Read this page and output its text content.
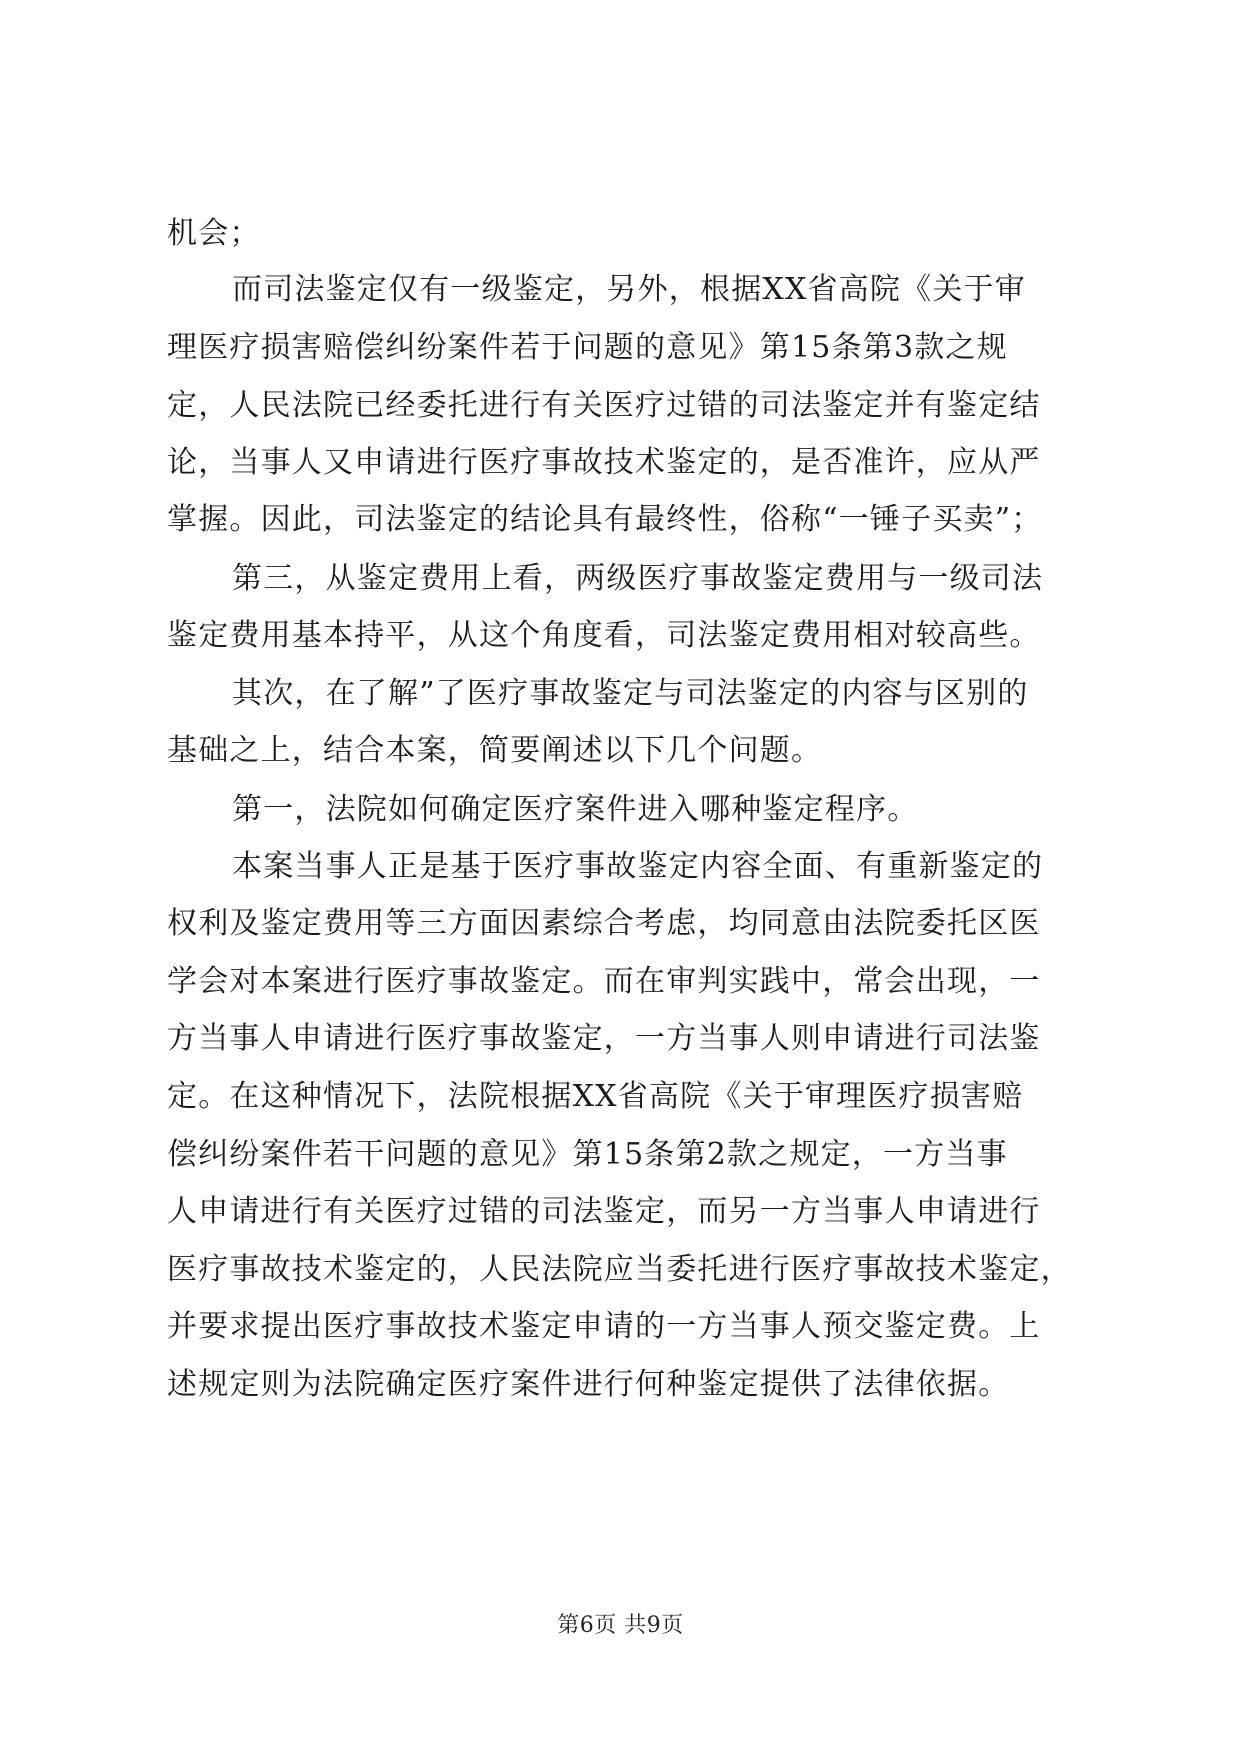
机会；
而司法鉴定仅有一级鉴定，另外，根据XX省高院《关于审
理医疗损害赔偿纠纷案件若于问题的意见》第15条第3款之规
定，人民法院已经委托进行有关医疗过错的司法鉴定并有鉴定结
论，当事人又申请进行医疗事故技术鉴定的，是否准许，应从严
掌握。因此，司法鉴定的结论具有最终性，俗称“一锤子买卖”；
第三，从鉴定费用上看，两级医疗事故鉴定费用与一级司法
鉴定费用基本持平，从这个角度看，司法鉴定费用相对较高些。
其次，在了解”了医疗事故鉴定与司法鉴定的内容与区别的
基础之上，结合本案，简要阐述以下几个问题。
第一，法院如何确定医疗案件进入哪种鉴定程序。
本案当事人正是基于医疗事故鉴定内容全面、有重新鉴定的
权利及鉴定费用等三方面因素综合考虑，均同意由法院委托区医
学会对本案进行医疗事故鉴定。而在审判实践中，常会出现，一
方当事人申请进行医疗事故鉴定，一方当事人则申请进行司法鉴
定。在这种情况下，法院根据XX省高院《关于审理医疗损害赔
偿纠纷案件若干问题的意见》第15条第2款之规定，一方当事
人申请进行有关医疗过错的司法鉴定，而另一方当事人申请进行
医疗事故技术鉴定的，人民法院应当委托进行医疗事故技术鉴定，
并要求提出医疗事故技术鉴定申请的一方当事人预交鉴定费。上
述规定则为法院确定医疗案件进行何种鉴定提供了法律依据。
第6页 共9页
